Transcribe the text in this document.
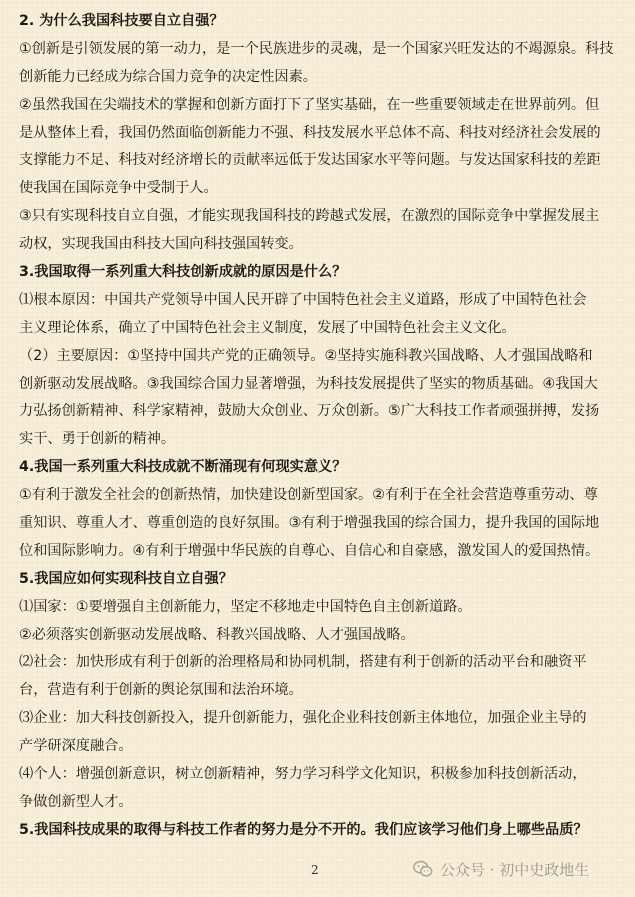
2. 为什么我国科技要自立自强？
①创新是引领发展的第一动力，是一个民族进步的灵魂，是一个国家兴旺发达的不竭源泉。科技
创新能力已经成为综合国力竞争的决定性因素。
②虽然我国在尖端技术的掌握和创新方面打下了坚实基础，在一些重要领域走在世界前列。但
是从整体上看，我国仍然面临创新能力不强、科技发展水平总体不高、科技对经济社会发展的
支撑能力不足、科技对经济增长的贡献率远低于发达国家水平等问题。与发达国家科技的差距
使我国在国际竞争中受制于人。
③只有实现科技自立自强，才能实现我国科技的跨越式发展，在激烈的国际竞争中掌握发展主
动权，实现我国由科技大国向科技强国转变。
3.我国取得一系列重大科技创新成就的原因是什么？
⑴根本原因：中国共产党领导中国人民开辟了中国特色社会主义道路，形成了中国特色社会
主义理论体系，确立了中国特色社会主义制度，发展了中国特色社会主义文化。
（2）主要原因：①坚持中国共产党的正确领导。②坚持实施科教兴国战略、人才强国战略和
创新驱动发展战略。③我国综合国力显著增强，为科技发展提供了坚实的物质基础。④我国大
力弘扬创新精神、科学家精神，鼓励大众创业、万众创新。⑤广大科技工作者顽强拼搏，发扬
实干、勇于创新的精神。
4.我国一系列重大科技成就不断涌现有何现实意义？
①有利于激发全社会的创新热情，加快建设创新型国家。②有利于在全社会营造尊重劳动、尊
重知识、尊重人才、尊重创造的良好氛围。③有利于增强我国的综合国力，提升我国的国际地
位和国际影响力。④有利于增强中华民族的自尊心、自信心和自豪感，激发国人的爱国热情。
5.我国应如何实现科技自立自强？
⑴国家：①要增强自主创新能力，坚定不移地走中国特色自主创新道路。
②必须落实创新驱动发展战略、科教兴国战略、人才强国战略。
⑵社会：加快形成有利于创新的治理格局和协同机制，搭建有利于创新的活动平台和融资平
台，营造有利于创新的舆论氛围和法治环境。
⑶企业：加大科技创新投入，提升创新能力，强化企业科技创新主体地位，加强企业主导的
产学研深度融合。
⑷个人：增强创新意识，树立创新精神，努力学习科学文化知识，积极参加科技创新活动，
争做创新型人才。
5.我国科技成果的取得与科技工作者的努力是分不开的。我们应该学习他们身上哪些品质？
2	公众号 · 初中史政地生
